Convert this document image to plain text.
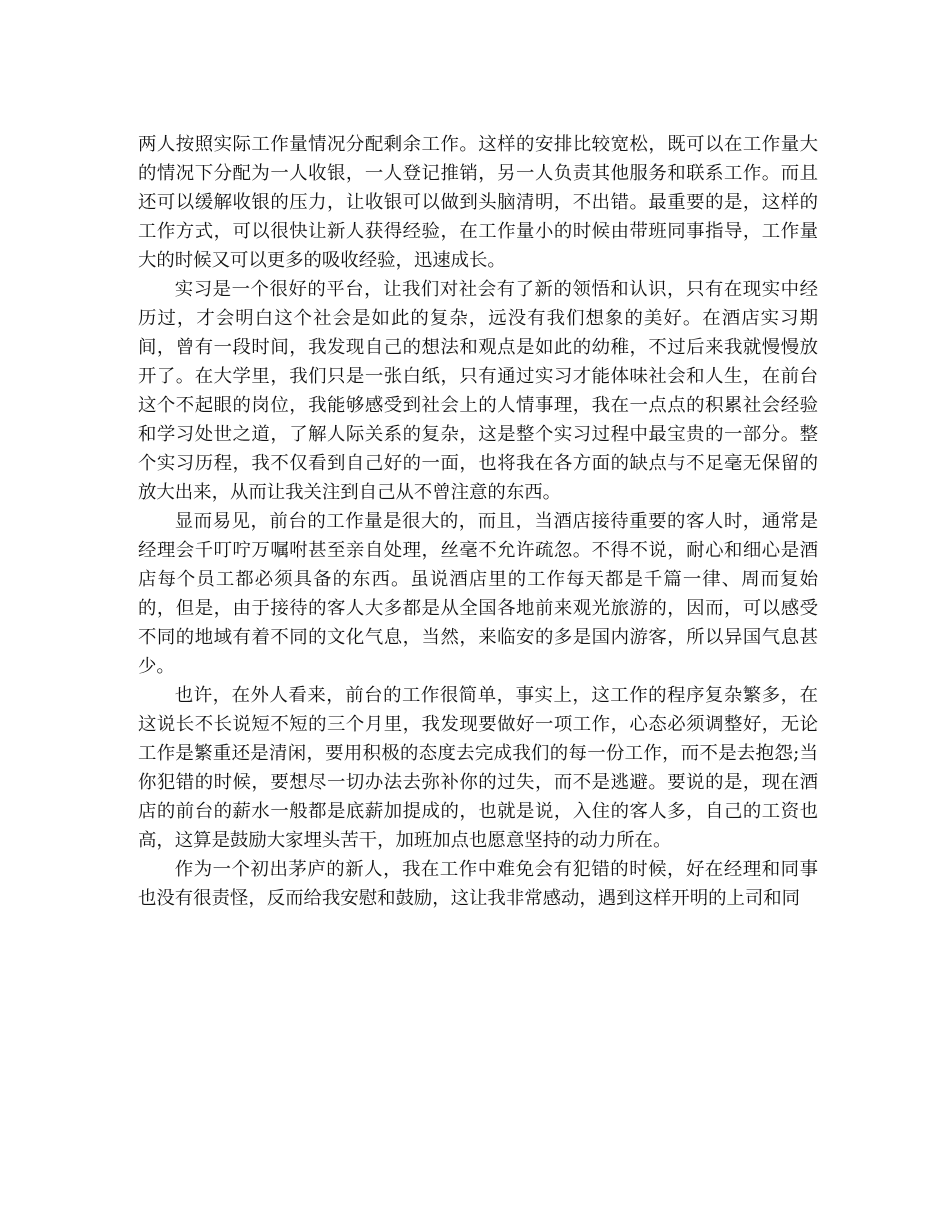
两人按照实际工作量情况分配剩余工作。这样的安排比较宽松，既可以在工作量大的情况下分配为一人收银，一人登记推销，另一人负责其他服务和联系工作。而且还可以缓解收银的压力，让收银可以做到头脑清明，不出错。最重要的是，这样的工作方式，可以很快让新人获得经验，在工作量小的时候由带班同事指导，工作量大的时候又可以更多的吸收经验，迅速成长。

实习是一个很好的平台，让我们对社会有了新的领悟和认识，只有在现实中经历过，才会明白这个社会是如此的复杂，远没有我们想象的美好。在酒店实习期间，曾有一段时间，我发现自己的想法和观点是如此的幼稚，不过后来我就慢慢放开了。在大学里，我们只是一张白纸，只有通过实习才能体味社会和人生，在前台这个不起眼的岗位，我能够感受到社会上的人情事理，我在一点点的积累社会经验和学习处世之道，了解人际关系的复杂，这是整个实习过程中最宝贵的一部分。整个实习历程，我不仅看到自己好的一面，也将我在各方面的缺点与不足毫无保留的放大出来，从而让我关注到自己从不曾注意的东西。

显而易见，前台的工作量是很大的，而且，当酒店接待重要的客人时，通常是经理会千叮咛万嘱咐甚至亲自处理，丝毫不允许疏忽。不得不说，耐心和细心是酒店每个员工都必须具备的东西。虽说酒店里的工作每天都是千篇一律、周而复始的，但是，由于接待的客人大多都是从全国各地前来观光旅游的，因而，可以感受不同的地域有着不同的文化气息，当然，来临安的多是国内游客，所以异国气息甚少。

也许，在外人看来，前台的工作很简单，事实上，这工作的程序复杂繁多，在这说长不长说短不短的三个月里，我发现要做好一项工作，心态必须调整好，无论工作是繁重还是清闲，要用积极的态度去完成我们的每一份工作，而不是去抱怨;当你犯错的时候，要想尽一切办法去弥补你的过失，而不是逃避。要说的是，现在酒店的前台的薪水一般都是底薪加提成的，也就是说，入住的客人多，自己的工资也高，这算是鼓励大家埋头苦干，加班加点也愿意坚持的动力所在。

作为一个初出茅庐的新人，我在工作中难免会有犯错的时候，好在经理和同事也没有很责怪，反而给我安慰和鼓励，这让我非常感动，遇到这样开明的上司和同
